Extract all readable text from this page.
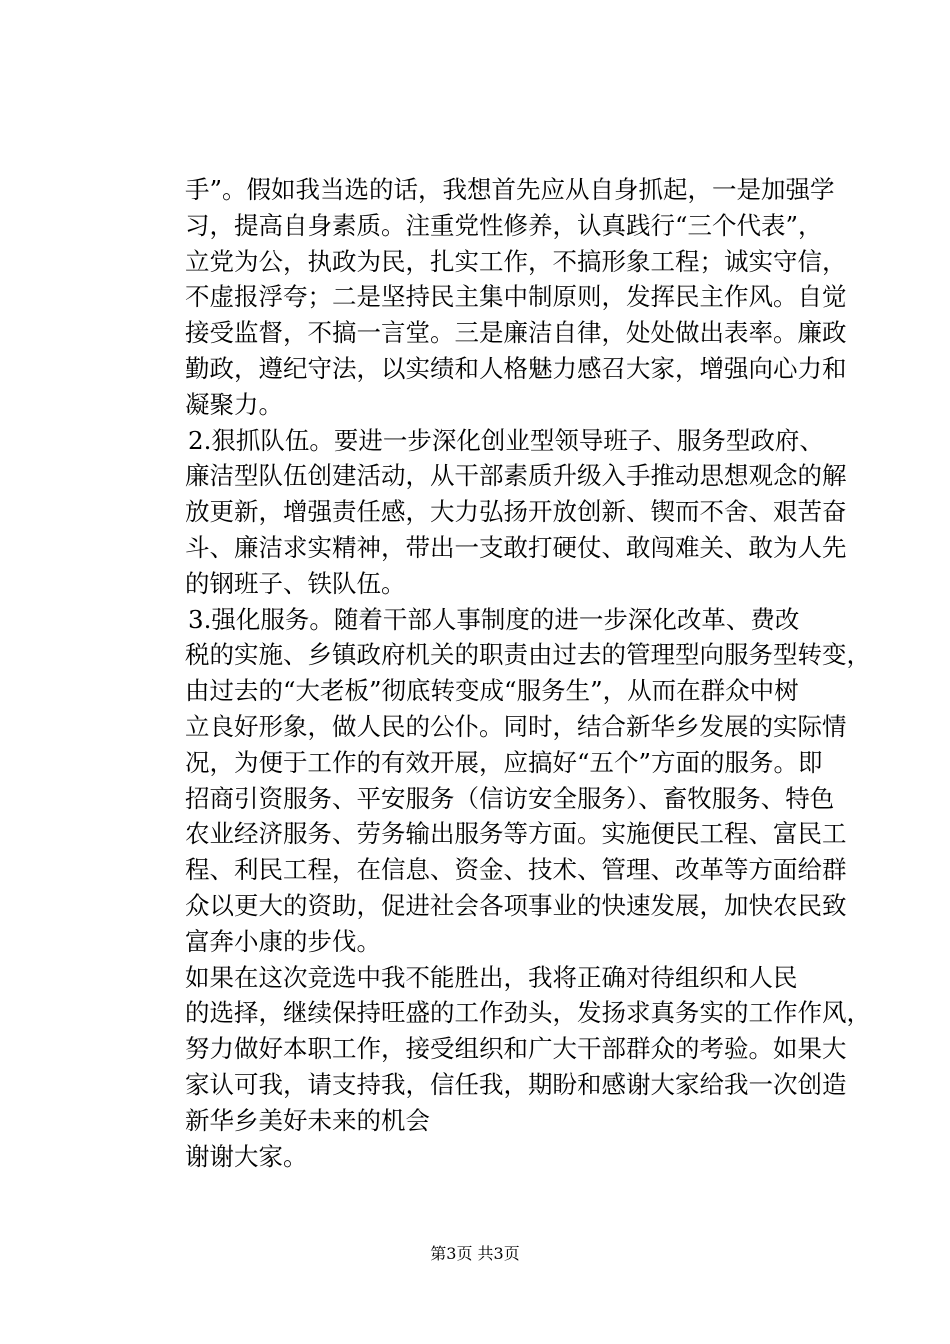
手”。假如我当选的话，我想首先应从自身抓起，一是加强学
习，提高自身素质。注重党性修养，认真践行“三个代表”，
立党为公，执政为民，扎实工作，不搞形象工程；诚实守信，
不虚报浮夸；二是坚持民主集中制原则，发挥民主作风。自觉
接受监督，不搞一言堂。三是廉洁自律，处处做出表率。廉政
勤政，遵纪守法，以实绩和人格魅力感召大家，增强向心力和
凝聚力。
2.狠抓队伍。要进一步深化创业型领导班子、服务型政府、
廉洁型队伍创建活动，从干部素质升级入手推动思想观念的解
放更新，增强责任感，大力弘扬开放创新、锲而不舍、艰苦奋
斗、廉洁求实精神，带出一支敢打硬仗、敢闯难关、敢为人先
的钢班子、铁队伍。
3.强化服务。随着干部人事制度的进一步深化改革、费改
税的实施、乡镇政府机关的职责由过去的管理型向服务型转变，
由过去的“大老板”彻底转变成“服务生”，从而在群众中树
立良好形象，做人民的公仆。同时，结合新华乡发展的实际情
况，为便于工作的有效开展，应搞好“五个”方面的服务。即
招商引资服务、平安服务（信访安全服务）、畜牧服务、特色
农业经济服务、劳务输出服务等方面。实施便民工程、富民工
程、利民工程，在信息、资金、技术、管理、改革等方面给群
众以更大的资助，促进社会各项事业的快速发展，加快农民致
富奔小康的步伐。
如果在这次竞选中我不能胜出，我将正确对待组织和人民
的选择，继续保持旺盛的工作劲头，发扬求真务实的工作作风，
努力做好本职工作，接受组织和广大干部群众的考验。如果大
家认可我，请支持我，信任我，期盼和感谢大家给我一次创造
新华乡美好未来的机会
谢谢大家。
第3页 共3页
